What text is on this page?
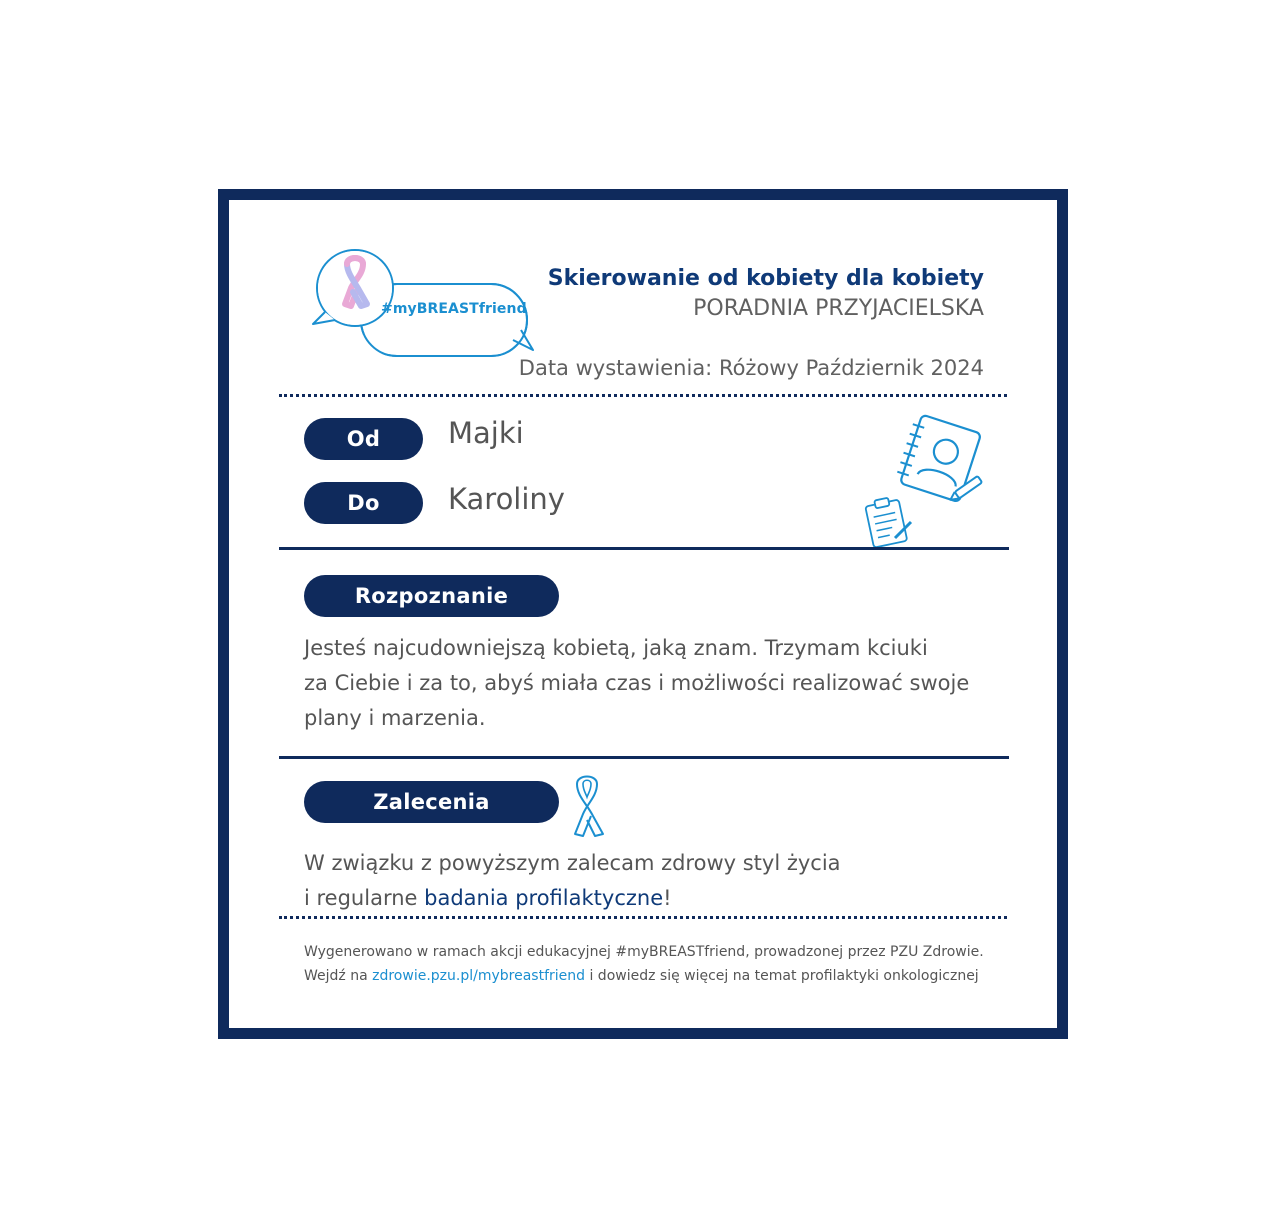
#myBREASTfriend
Skierowanie od kobiety dla kobiety
PORADNIA PRZYJACIELSKA
Data wystawienia: Różowy Październik 2024
Od	Majki
Do	Karoliny
Rozpoznanie
Jesteś najcudowniejszą kobietą, jaką znam. Trzymam kciuki
za Ciebie i za to, abyś miała czas i możliwości realizować swoje
plany i marzenia.
Zalecenia
W związku z powyższym zalecam zdrowy styl życia
i regularne badania profilaktyczne!
Wygenerowano w ramach akcji edukacyjnej #myBREASTfriend, prowadzonej przez PZU Zdrowie.
Wejdź na zdrowie.pzu.pl/mybreastfriend i dowiedz się więcej na temat profilaktyki onkologicznej
